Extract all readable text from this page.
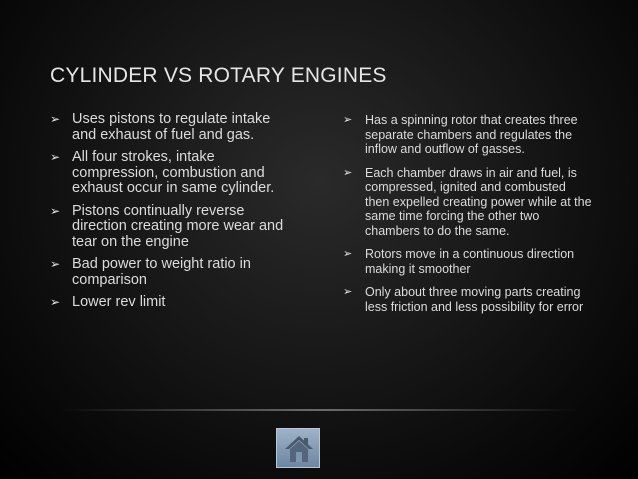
CYLINDER VS ROTARY ENGINES
➢ Uses pistons to regulate intake and exhaust of fuel and gas.
➢ All four strokes, intake compression, combustion and exhaust occur in same cylinder.
➢ Pistons continually reverse direction creating more wear and tear on the engine
➢ Bad power to weight ratio in comparison
➢ Lower rev limit
➢ Has a spinning rotor that creates three separate chambers and regulates the inflow and outflow of gasses.
➢ Each chamber draws in air and fuel, is compressed, ignited and combusted then expelled creating power while at the same time forcing the other two chambers to do the same.
➢ Rotors move in a continuous direction making it smoother
➢ Only about three moving parts creating less friction and less possibility for error
